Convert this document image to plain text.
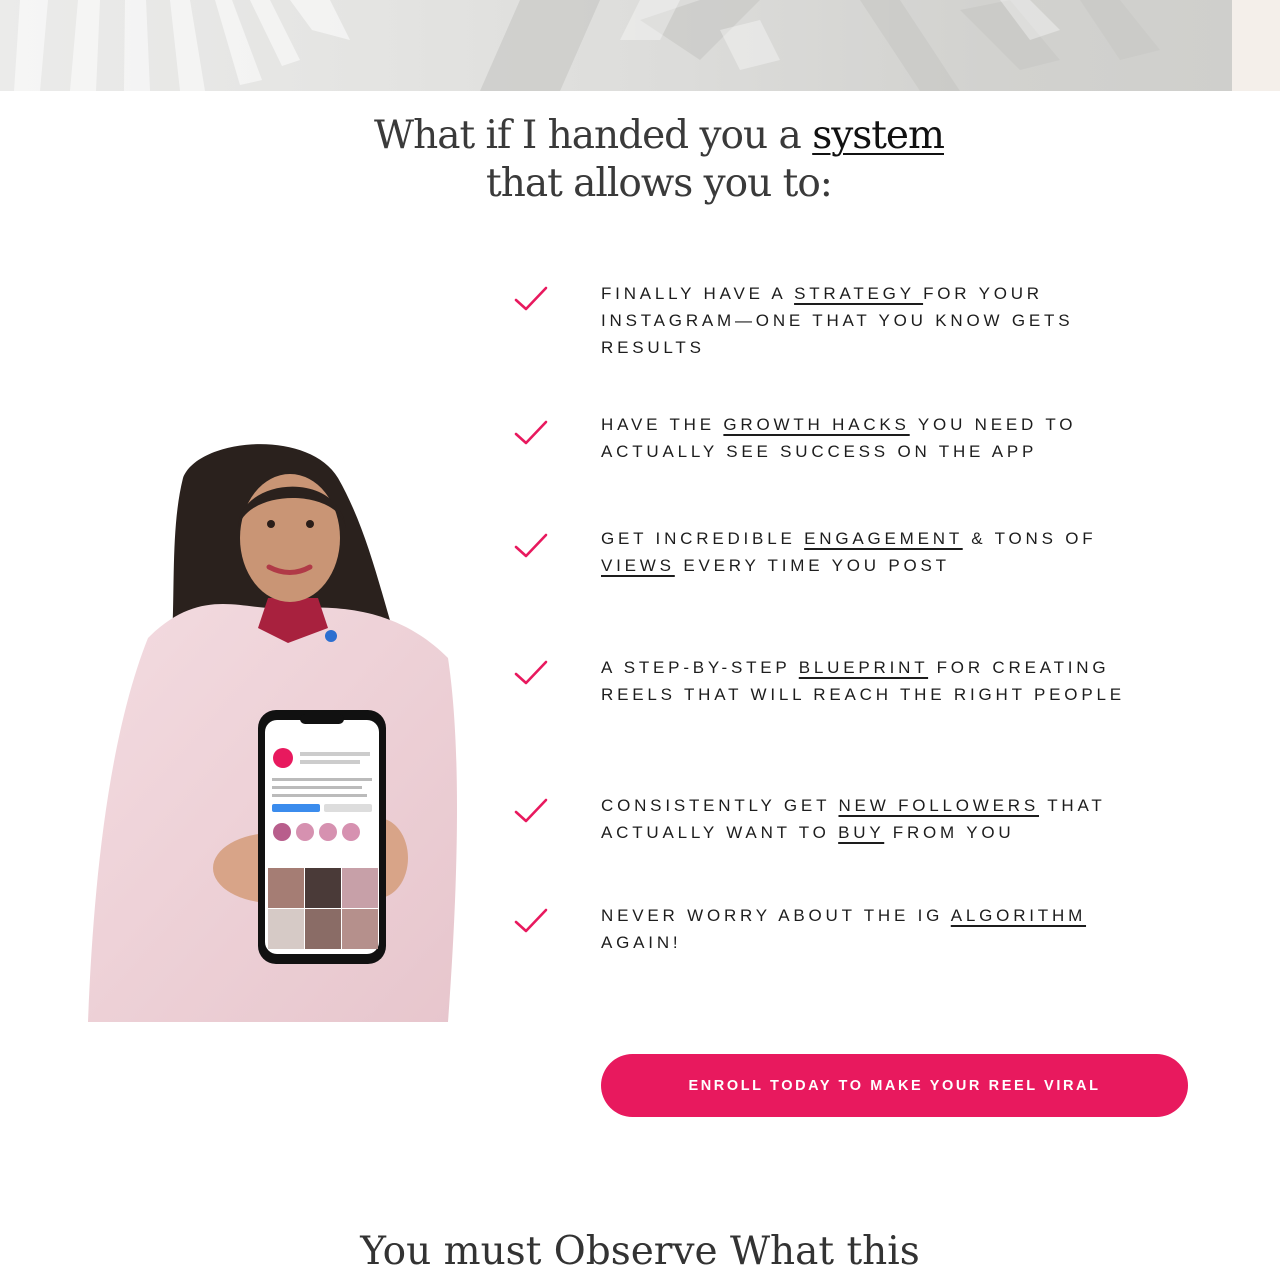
What if I handed you a system
that allows you to:

FINALLY HAVE A STRATEGY FOR YOUR INSTAGRAM—ONE THAT YOU KNOW GETS RESULTS

HAVE THE GROWTH HACKS YOU NEED TO ACTUALLY SEE SUCCESS ON THE APP

GET INCREDIBLE ENGAGEMENT & TONS OF VIEWS EVERY TIME YOU POST

A STEP-BY-STEP BLUEPRINT FOR CREATING REELS THAT WILL REACH THE RIGHT PEOPLE

CONSISTENTLY GET NEW FOLLOWERS THAT ACTUALLY WANT TO BUY FROM YOU

NEVER WORRY ABOUT THE IG ALGORITHM AGAIN!

ENROLL TODAY TO MAKE YOUR REEL VIRAL
You must Observe What this
